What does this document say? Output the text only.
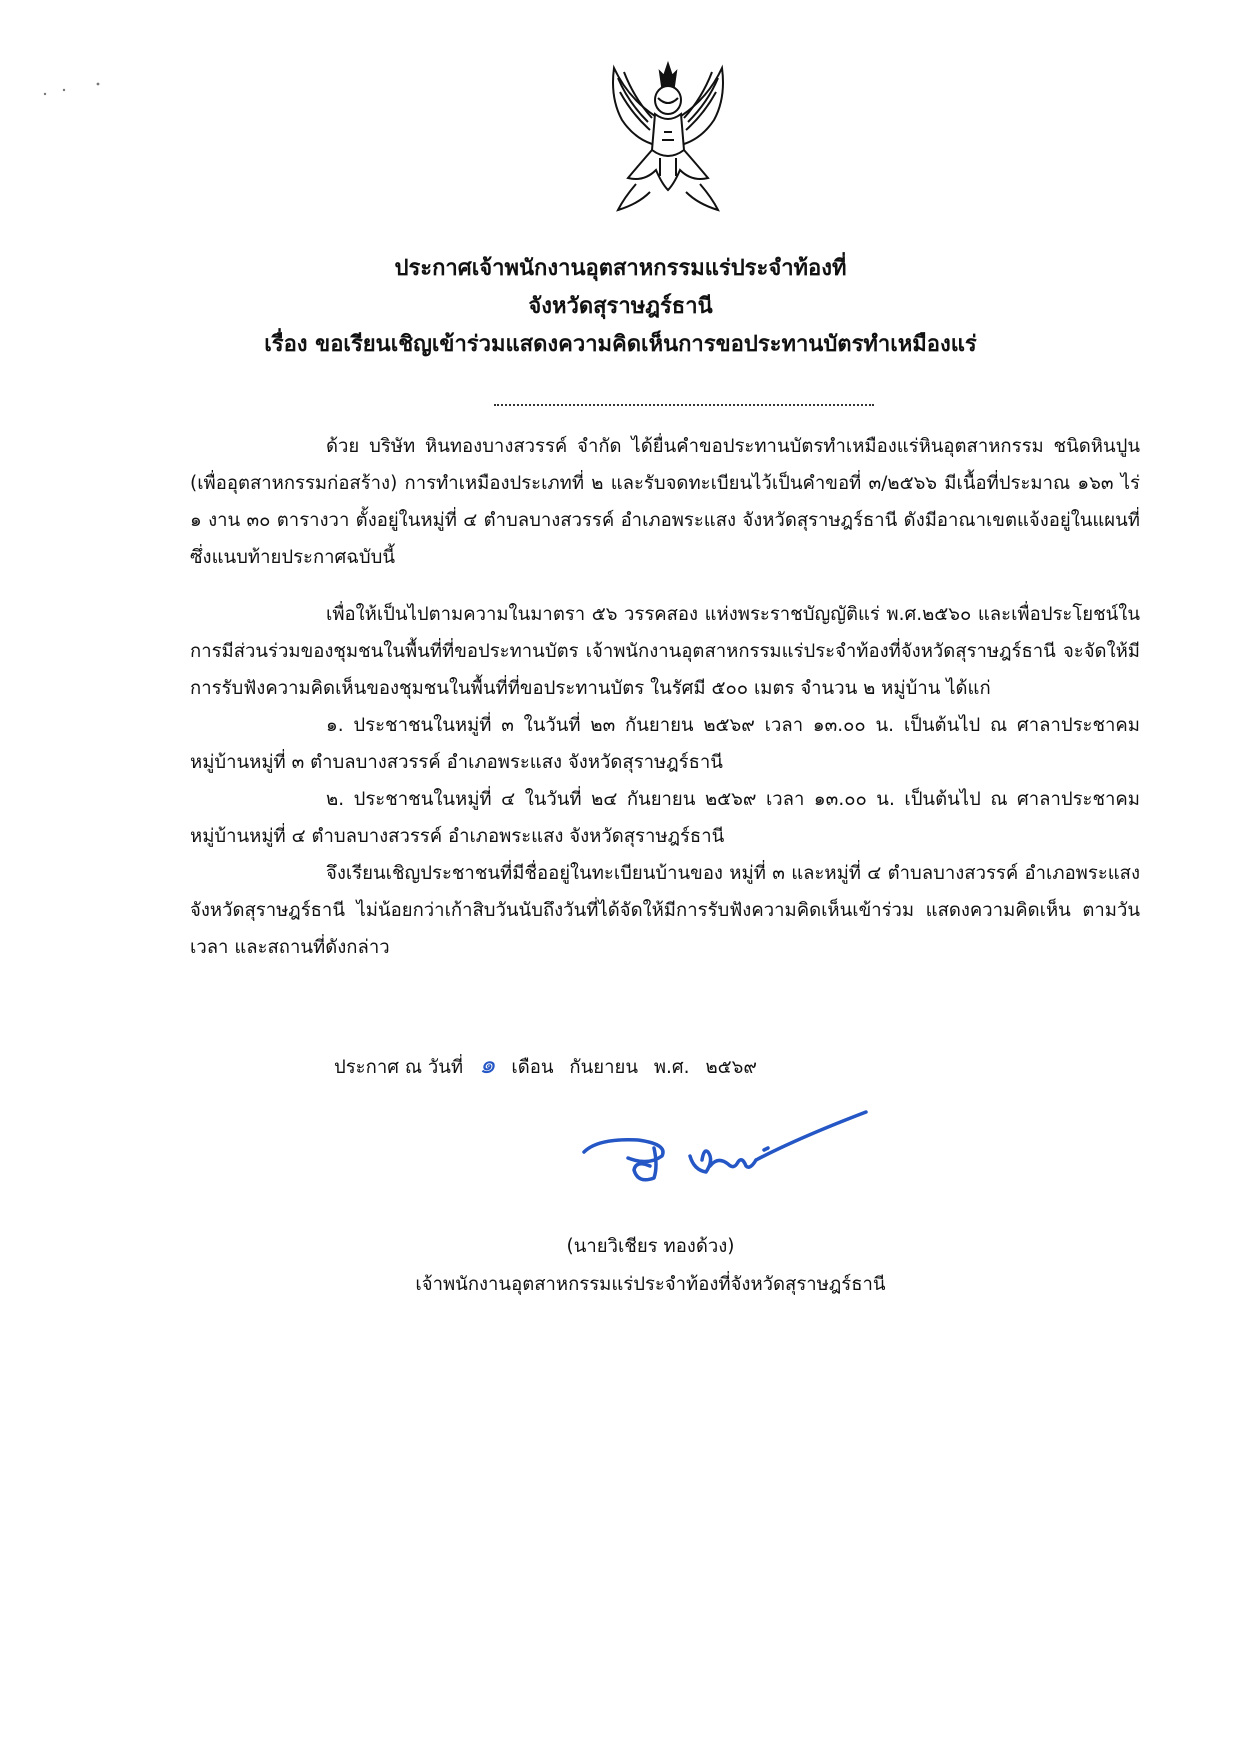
ประกาศเจ้าพนักงานอุตสาหกรรมแร่ประจำท้องที่
จังหวัดสุราษฎร์ธานี
เรื่อง ขอเรียนเชิญเข้าร่วมแสดงความคิดเห็นการขอประทานบัตรทำเหมืองแร่

ด้วย บริษัท หินทองบางสวรรค์ จำกัด ได้ยื่นคำขอประทานบัตรทำเหมืองแร่หินอุตสาหกรรม ชนิดหินปูน (เพื่ออุตสาหกรรมก่อสร้าง) การทำเหมืองประเภทที่ ๒ และรับจดทะเบียนไว้เป็นคำขอที่ ๓/๒๕๖๖ มีเนื้อที่ประมาณ ๑๖๓ ไร่ ๑ งาน ๓๐ ตารางวา ตั้งอยู่ในหมู่ที่ ๔ ตำบลบางสวรรค์ อำเภอพระแสง จังหวัดสุราษฎร์ธานี ดังมีอาณาเขตแจ้งอยู่ในแผนที่ซึ่งแนบท้ายประกาศฉบับนี้

เพื่อให้เป็นไปตามความในมาตรา ๕๖ วรรคสอง แห่งพระราชบัญญัติแร่ พ.ศ.๒๕๖๐ และเพื่อประโยชน์ในการมีส่วนร่วมของชุมชนในพื้นที่ที่ขอประทานบัตร เจ้าพนักงานอุตสาหกรรมแร่ประจำท้องที่จังหวัดสุราษฎร์ธานี จะจัดให้มีการรับฟังความคิดเห็นของชุมชนในพื้นที่ที่ขอประทานบัตร ในรัศมี ๕๐๐ เมตร จำนวน ๒ หมู่บ้าน ได้แก่

๑. ประชาชนในหมู่ที่ ๓ ในวันที่ ๒๓ กันยายน ๒๕๖๙ เวลา ๑๓.๐๐ น. เป็นต้นไป ณ ศาลาประชาคมหมู่บ้านหมู่ที่ ๓ ตำบลบางสวรรค์ อำเภอพระแสง จังหวัดสุราษฎร์ธานี

๒. ประชาชนในหมู่ที่ ๔ ในวันที่ ๒๔ กันยายน ๒๕๖๙ เวลา ๑๓.๐๐ น. เป็นต้นไป ณ ศาลาประชาคมหมู่บ้านหมู่ที่ ๔ ตำบลบางสวรรค์ อำเภอพระแสง จังหวัดสุราษฎร์ธานี

จึงเรียนเชิญประชาชนที่มีชื่ออยู่ในทะเบียนบ้านของ หมู่ที่ ๓ และหมู่ที่ ๔ ตำบลบางสวรรค์ อำเภอพระแสง จังหวัดสุราษฎร์ธานี ไม่น้อยกว่าเก้าสิบวันนับถึงวันที่ได้จัดให้มีการรับฟังความคิดเห็นเข้าร่วม แสดงความคิดเห็น ตามวัน เวลา และสถานที่ดังกล่าว

ประกาศ ณ วันที่ ๑ เดือน กันยายน พ.ศ. ๒๕๖๙
(นายวิเชียร ทองด้วง)
เจ้าพนักงานอุตสาหกรรมแร่ประจำท้องที่จังหวัดสุราษฎร์ธานี
